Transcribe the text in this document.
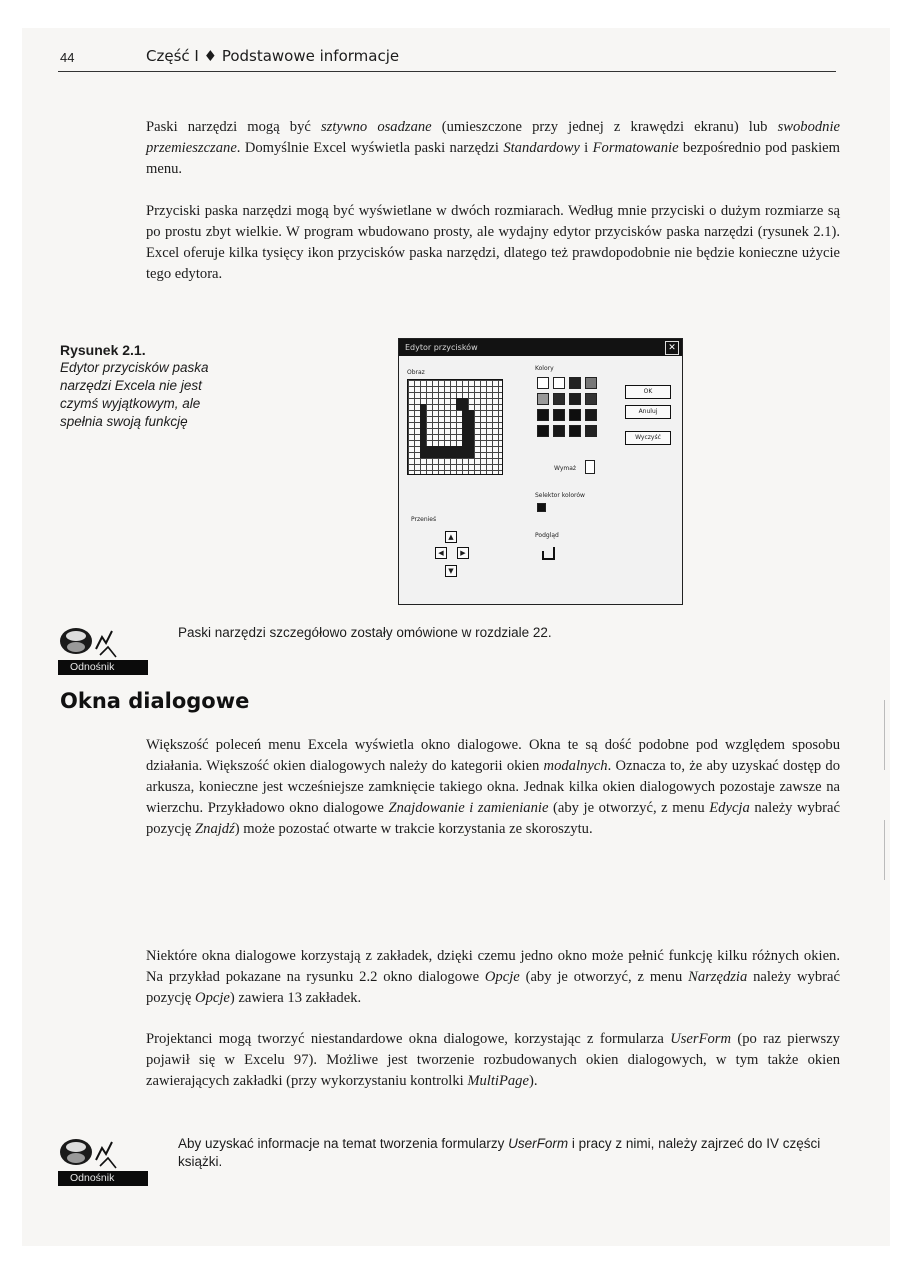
44	Część I ♦ Podstawowe informacje

Paski narzędzi mogą być sztywno osadzane (umieszczone przy jednej z krawędzi ekranu) lub swobodnie przemieszczane. Domyślnie Excel wyświetla paski narzędzi Standardowy i Formatowanie bezpośrednio pod paskiem menu.

Przyciski paska narzędzi mogą być wyświetlane w dwóch rozmiarach. Według mnie przyciski o dużym rozmiarze są po prostu zbyt wielkie. W program wbudowano prosty, ale wydajny edytor przycisków paska narzędzi (rysunek 2.1). Excel oferuje kilka tysięcy ikon przycisków paska narzędzi, dlatego też prawdopodobnie nie będzie konieczne użycie tego edytora.

Rysunek 2.1.
Edytor przycisków paska narzędzi Excela nie jest czymś wyjątkowym, ale spełnia swoją funkcję
Edytor przycisków	✕
Obraz
Kolory
Wymaż
Selektor kolorów
OK
Anuluj
Wyczyść
Przenieś
▲
◀	▶
▼
Podgląd
Odnośnik
Paski narzędzi szczegółowo zostały omówione w rozdziale 22.
Okna dialogowe

Większość poleceń menu Excela wyświetla okno dialogowe. Okna te są dość podobne pod względem sposobu działania. Większość okien dialogowych należy do kategorii okien modalnych. Oznacza to, że aby uzyskać dostęp do arkusza, konieczne jest wcześniejsze zamknięcie takiego okna. Jednak kilka okien dialogowych pozostaje zawsze na wierzchu. Przykładowo okno dialogowe Znajdowanie i zamienianie (aby je otworzyć, z menu Edycja należy wybrać pozycję Znajdź) może pozostać otwarte w trakcie korzystania ze skoroszytu.

Niektóre okna dialogowe korzystają z zakładek, dzięki czemu jedno okno może pełnić funkcję kilku różnych okien. Na przykład pokazane na rysunku 2.2 okno dialogowe Opcje (aby je otworzyć, z menu Narzędzia należy wybrać pozycję Opcje) zawiera 13 zakładek.

Projektanci mogą tworzyć niestandardowe okna dialogowe, korzystając z formularza UserForm (po raz pierwszy pojawił się w Excelu 97). Możliwe jest tworzenie rozbudowanych okien dialogowych, w tym także okien zawierających zakładki (przy wykorzystaniu kontrolki MultiPage).

Odnośnik
Aby uzyskać informacje na temat tworzenia formularzy UserForm i pracy z nimi, należy zajrzeć do IV części książki.
